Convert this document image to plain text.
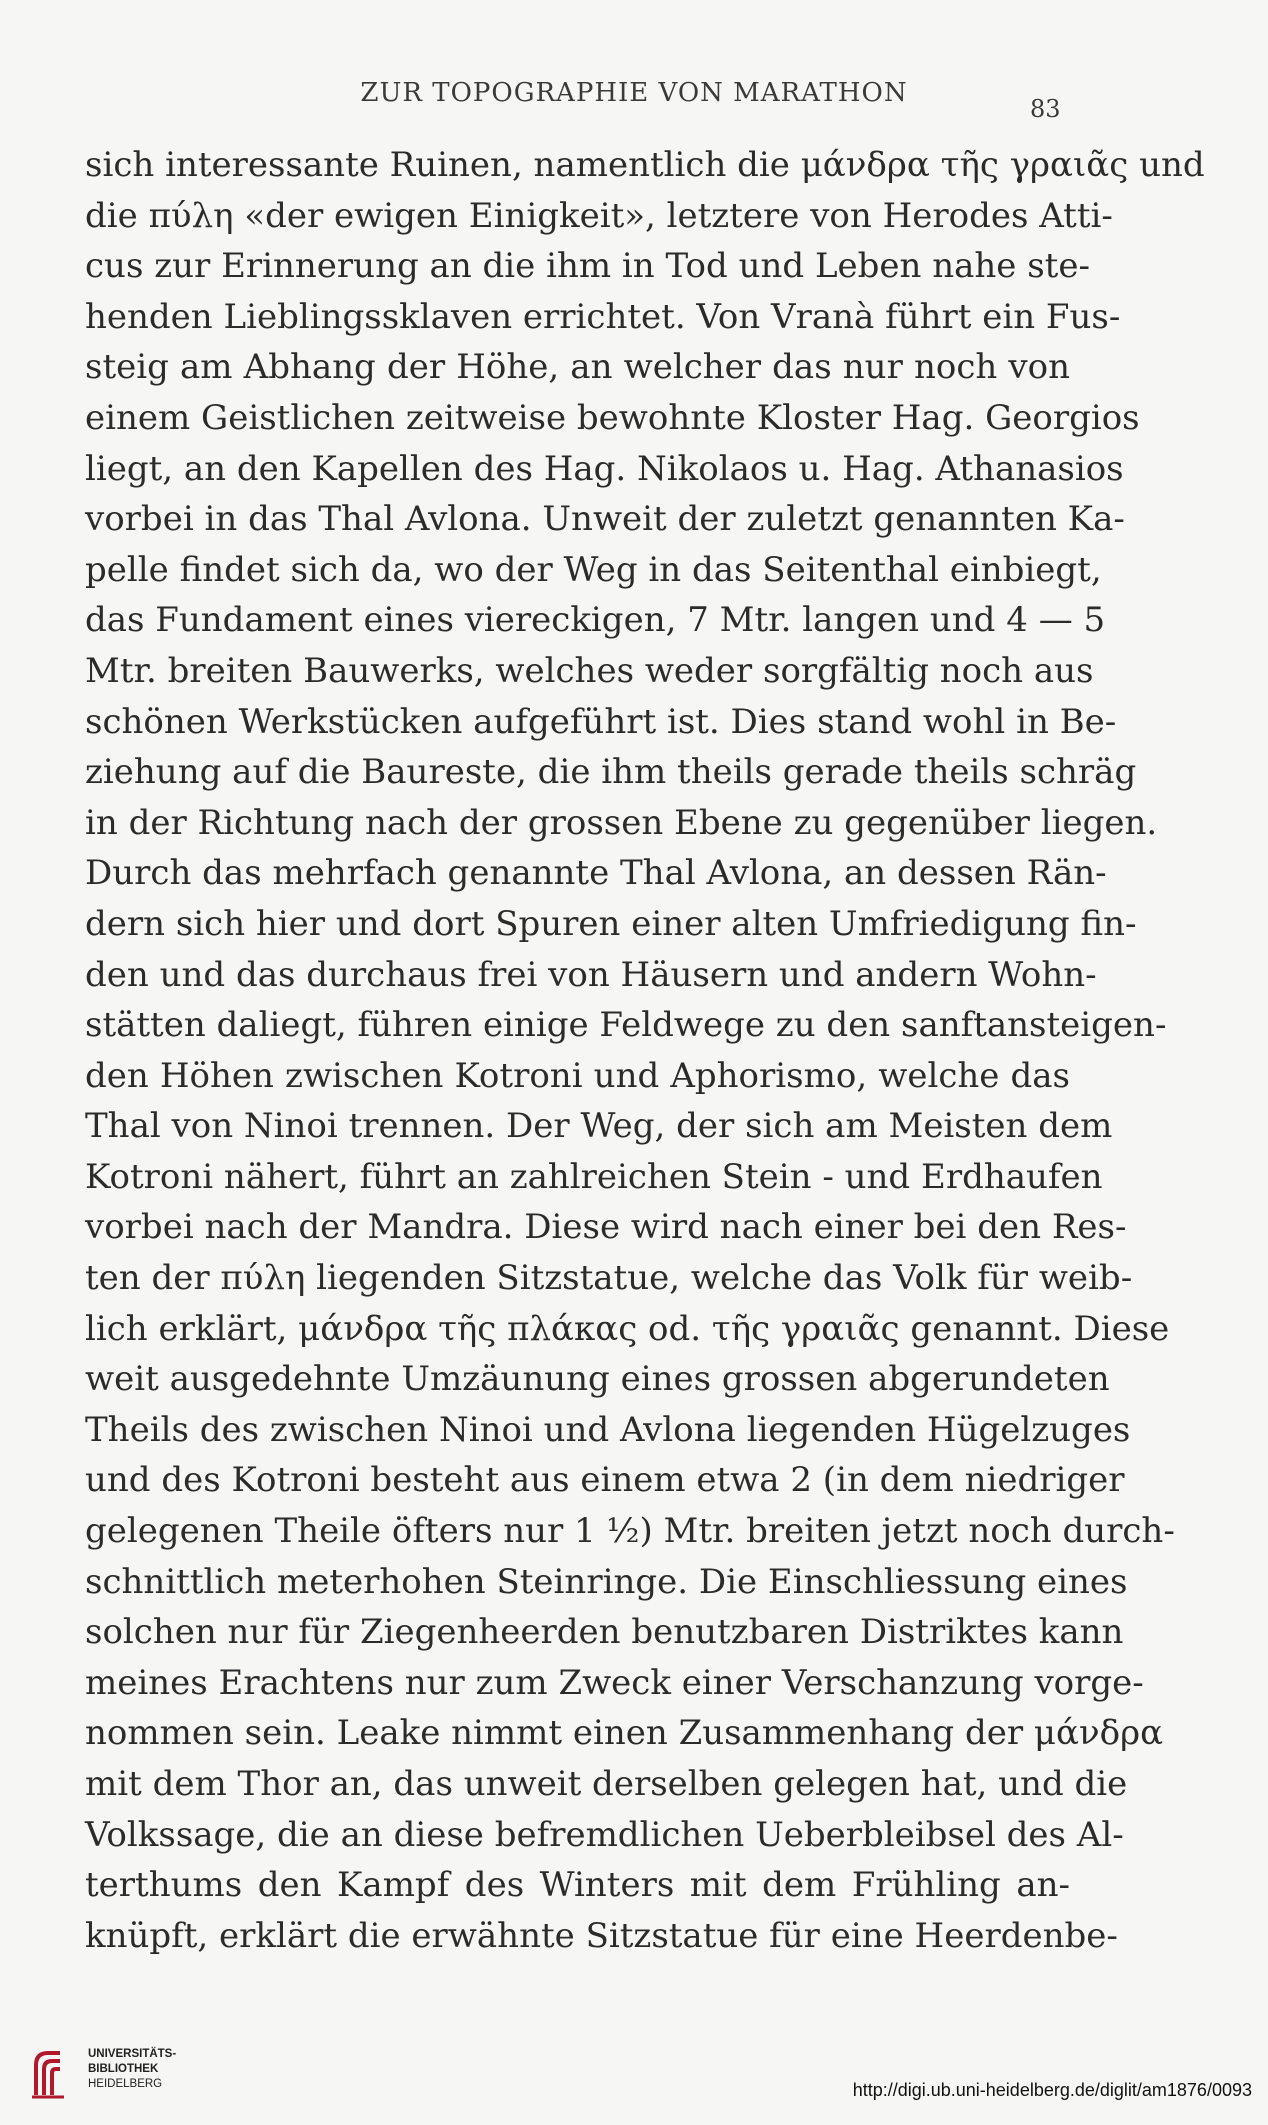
ZUR TOPOGRAPHIE VON MARATHON
83
sich interessante Ruinen, namentlich die μάνδρα τῆς γραιᾶς und
die πύλη «der ewigen Einigkeit», letztere von Herodes Atti-
cus zur Erinnerung an die ihm in Tod und Leben nahe ste-
henden Lieblingssklaven errichtet. Von Vranà führt ein Fus-
steig am Abhang der Höhe, an welcher das nur noch von
einem Geistlichen zeitweise bewohnte Kloster Hag. Georgios
liegt, an den Kapellen des Hag. Nikolaos u. Hag. Athanasios
vorbei in das Thal Avlona. Unweit der zuletzt genannten Ka-
pelle findet sich da, wo der Weg in das Seitenthal einbiegt,
das Fundament eines viereckigen, 7 Mtr. langen und 4 — 5
Mtr. breiten Bauwerks, welches weder sorgfältig noch aus
schönen Werkstücken aufgeführt ist. Dies stand wohl in Be-
ziehung auf die Baureste, die ihm theils gerade theils schräg
in der Richtung nach der grossen Ebene zu gegenüber liegen.
Durch das mehrfach genannte Thal Avlona, an dessen Rän-
dern sich hier und dort Spuren einer alten Umfriedigung fin-
den und das durchaus frei von Häusern und andern Wohn-
stätten daliegt, führen einige Feldwege zu den sanftansteigen-
den Höhen zwischen Kotroni und Aphorismo, welche das
Thal von Ninoi trennen. Der Weg, der sich am Meisten dem
Kotroni nähert, führt an zahlreichen Stein - und Erdhaufen
vorbei nach der Mandra. Diese wird nach einer bei den Res-
ten der πύλη liegenden Sitzstatue, welche das Volk für weib-
lich erklärt, μάνδρα τῆς πλάκας od. τῆς γραιᾶς genannt. Diese
weit ausgedehnte Umzäunung eines grossen abgerundeten
Theils des zwischen Ninoi und Avlona liegenden Hügelzuges
und des Kotroni besteht aus einem etwa 2 (in dem niedriger
gelegenen Theile öfters nur 1 ½) Mtr. breiten jetzt noch durch-
schnittlich meterhohen Steinringe. Die Einschliessung eines
solchen nur für Ziegenheerden benutzbaren Distriktes kann
meines Erachtens nur zum Zweck einer Verschanzung vorge-
nommen sein. Leake nimmt einen Zusammenhang der μάνδρα
mit dem Thor an, das unweit derselben gelegen hat, und die
Volkssage, die an diese befremdlichen Ueberbleibsel des Al-
terthums den Kampf des Winters mit dem Frühling an-
knüpft, erklärt die erwähnte Sitzstatue für eine Heerdenbe-
UNIVERSITÄTS-
BIBLIOTHEK
HEIDELBERG	http://digi.ub.uni-heidelberg.de/diglit/am1876/0093
